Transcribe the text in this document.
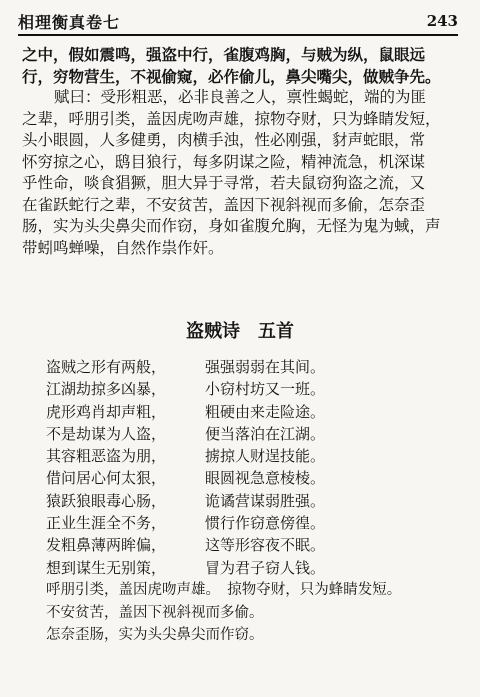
相理衡真卷七	243
之中，假如震鸣，强盗中行，雀腹鸡胸，与贼为纵，鼠眼远
行，穷物营生，不视偷窥，必作偷儿，鼻尖嘴尖，做贼争先。
赋曰：受形粗恶，必非良善之人，禀性蝎蛇，端的为匪
之辈，呼朋引类，盖因虎吻声雄，掠物夺财，只为蜂睛发短，
头小眼圆，人多健勇，肉横手浊，性必刚强，豺声蛇眼，常
怀穷掠之心，鸱目狼行，每多阴谋之险，精神流急，机深谋
乎性命，啖食猖獗，胆大异于寻常，若夫鼠窃狗盗之流，又
在雀跃蛇行之辈，不安贫苦，盖因下视斜视而多偷，怎奈歪
肠，实为头尖鼻尖而作窃，身如雀腹允胸，无怪为鬼为蜮，声
带蚓鸣蝉噪，自然作祟作奸。
盗贼诗　五首
盗贼之形有两般，	强强弱弱在其间。
江湖劫掠多凶暴，	小窃村坊又一班。
虎形鸡肖却声粗，	粗硬由来走险途。
不是劫谋为人盗，	便当落泊在江湖。
其容粗恶盗为朋，	掳掠人财逞技能。
借问居心何太狠，	眼圆视急意棱棱。
猿跃狼眼毒心肠，	诡谲营谋弱胜强。
正业生涯全不务，	惯行作窃意傍徨。
发粗鼻薄两眸偏，	这等形容夜不眠。
想到谋生无别策，	冒为君子窃人钱。
呼朋引类，盖因虎吻声雄。　掠物夺财，只为蜂睛发短。
不安贫苦，盖因下视斜视而多偷。
怎奈歪肠，实为头尖鼻尖而作窃。
